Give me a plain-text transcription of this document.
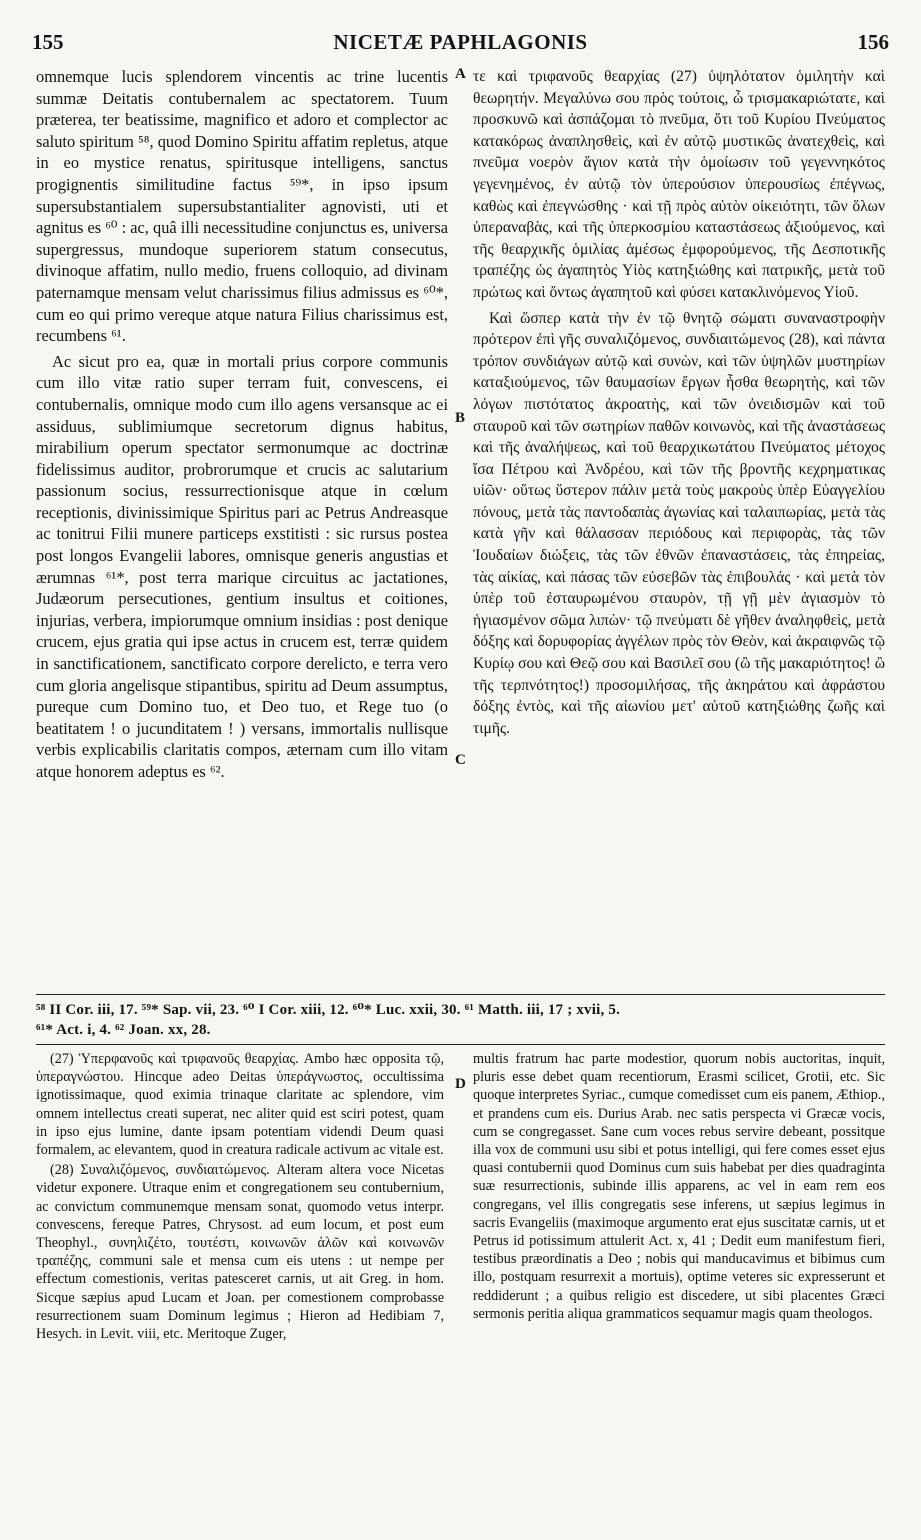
155	NICETÆ PAPHLAGONIS	156

omnemque lucis splendorem vincentis ac trine lucentis summæ Deitatis contubernalem ac spectatorem. Tuum præterea, ter beatissime, magnifico et adoro et complector ac saluto spiritum ⁵⁸, quod Domino Spiritu affatim repletus, atque in eo mystice renatus, spiritusque intelligens, sanctus progignentis similitudine factus ⁵⁹*, in ipso ipsum supersubstantialem supersubstantialiter agnovisti, uti et agnitus es ⁶⁰ : ac, quâ illi necessitudine conjunctus es, universa supergressus, mundoque superiorem statum consecutus, divinoque affatim, nullo medio, fruens colloquio, ad divinam paternamque mensam velut charissimus filius admissus es ⁶⁰*, cum eo qui primo vereque atque natura Filius charissimus est, recumbens ⁶¹.

Ac sicut pro ea, quæ in mortali prius corpore communis cum illo vitæ ratio super terram fuit, convescens, ei contubernalis, omnique modo cum illo agens versansque ac ei assiduus, sublimiumque secretorum dignus habitus, mirabilium operum spectator sermonumque ac doctrinæ fidelissimus auditor, probrorumque et crucis ac salutarium passionum socius, ressurrectionisque atque in cœlum receptionis, divinissimique Spiritus pari ac Petrus Andreasque ac tonitrui Filii munere particeps exstitisti : sic rursus postea post longos Evangelii labores, omnisque generis angustias et ærumnas ⁶¹*, post terra marique circuitus ac jactationes, Judæorum persecutiones, gentium insultus et coitiones, injurias, verbera, impiorumque omnium insidias : post denique crucem, ejus gratia qui ipse actus in crucem est, terræ quidem in sanctificationem, sanctificato corpore derelicto, e terra vero cum gloria angelisque stipantibus, spiritu ad Deum assumptus, pureque cum Domino tuo, et Deo tuo, et Rege tuo (o beatitatem ! o jucunditatem ! ) versans, immortalis nullisque verbis explicabilis claritatis compos, æternam cum illo vitam atque honorem adeptus es ⁶².

τε καὶ τριφανοῦς θεαρχίας (27) ὑψηλότατον ὁμιλητὴν καὶ θεωρητήν. Μεγαλύνω σου πρὸς τούτοις, ὦ τρισμακαριώτατε, καὶ προσκυνῶ καὶ ἀσπάζομαι τὸ πνεῦμα, ὅτι τοῦ Κυρίου Πνεύματος κατακόρως ἀναπλησθεὶς, καὶ ἐν αὐτῷ μυστικῶς ἀνατεχθεὶς, καὶ πνεῦμα νοερὸν ἅγιον κατὰ τὴν ὁμοίωσιν τοῦ γεγεννηκότος γεγενημένος, ἐν αὐτῷ τὸν ὑπερούσιον ὑπερουσίως ἐπέγνως, καθὼς καὶ ἐπεγνώσθης · καὶ τῇ πρὸς αὐτὸν οἰκειότητι, τῶν ὅλων ὑπεραναβὰς, καὶ τῆς ὑπερκοσμίου καταστάσεως ἀξιούμενος, καὶ τῆς θεαρχικῆς ὁμιλίας ἀμέσως ἐμφορούμενος, τῆς Δεσποτικῆς τραπέζης ὡς ἀγαπητὸς Υἱὸς κατηξιώθης καὶ πατρικῆς, μετὰ τοῦ πρώτως καὶ ὄντως ἀγαπητοῦ καὶ φύσει κατακλινόμενος Υἱοῦ.

Καὶ ὥσπερ κατὰ τὴν ἐν τῷ θνητῷ σώματι συναναστροφὴν πρότερον ἐπὶ γῆς συναλιζόμενος, συνδιαιτώμενος (28), καὶ πάντα τρόπον συνδιάγων αὐτῷ καὶ συνὼν, καὶ τῶν ὑψηλῶν μυστηρίων καταξιούμενος, τῶν θαυμασίων ἔργων ἦσθα θεωρητὴς, καὶ τῶν λόγων πιστότατος ἀκροατὴς, καὶ τῶν ὀνειδισμῶν καὶ τοῦ σταυροῦ καὶ τῶν σωτηρίων παθῶν κοινωνὸς, καὶ τῆς ἀναστάσεως καὶ τῆς ἀναλήψεως, καὶ τοῦ θεαρχικωτάτου Πνεύματος μέτοχος ἴσα Πέτρου καὶ Ἀνδρέου, καὶ τῶν τῆς βροντῆς κεχρηματικας υἱῶν· οὕτως ὕστερον πάλιν μετὰ τοὺς μακροὺς ὑπὲρ Εὐαγγελίου πόνους, μετὰ τὰς παντοδαπὰς ἀγωνίας καὶ ταλαιπωρίας, μετὰ τὰς κατὰ γῆν καὶ θάλασσαν περιόδους καὶ περιφορὰς, τὰς τῶν Ἰουδαίων διώξεις, τὰς τῶν ἐθνῶν ἐπαναστάσεις, τὰς ἐπηρείας, τὰς αἰκίας, καὶ πάσας τῶν εὐσεβῶν τὰς ἐπιβουλάς · καὶ μετὰ τὸν ὑπὲρ τοῦ ἐσταυρωμένου σταυρὸν, τῇ γῇ μὲν ἁγιασμὸν τὸ ἡγιασμένον σῶμα λιπὼν· τῷ πνεύματι δὲ γῆθεν ἀναληφθεὶς, μετὰ δόξης καὶ δορυφορίας ἀγγέλων πρὸς τὸν Θεὸν, καὶ ἀκραιφνῶς τῷ Κυρίῳ σου καὶ Θεῷ σου καὶ Βασιλεῖ σου (ὢ τῆς μακαριότητος! ὢ τῆς τερπνότητος!) προσομιλήσας, τῆς ἀκηράτου καὶ ἀφράστου δόξης ἐντὸς, καὶ τῆς αἰωνίου μετ' αὐτοῦ κατηξιώθης ζωῆς καὶ τιμῆς.

A
B
C
D
⁵⁸ II Cor. iii, 17. ⁵⁹* Sap. vii, 23. ⁶⁰ I Cor. xiii, 12. ⁶⁰* Luc. xxii, 30. ⁶¹ Matth. iii, 17 ; xvii, 5.
⁶¹* Act. i, 4. ⁶² Joan. xx, 28.

(27) Ὑπερφανοῦς καὶ τριφανοῦς θεαρχίας. Ambo hæc opposita τῷ, ὑπεραγνώστου. Hincque adeo Deitas ὑπεράγνωστος, occultissima ignotissimaque, quod eximia trinaque claritate ac splendore, vim omnem intellectus creati superat, nec aliter quid est sciri potest, quam in ipso ejus lumine, dante ipsam potentiam videndi Deum quasi formalem, ac elevantem, quod in creatura radicale activum ac vitale est.

(28) Συναλιζόμενος, συνδιαιτώμενος. Alteram altera voce Nicetas videtur exponere. Utraque enim et congregationem seu contubernium, ac convictum communemque mensam sonat, quomodo vetus interpr. convescens, fereque Patres, Chrysost. ad eum locum, et post eum Theophyl., συνηλιζέτο, τουτέστι, κοινωνῶν ἀλῶν καὶ κοινωνῶν τραπέζης, communi sale et mensa cum eis utens : ut nempe per effectum comestionis, veritas patesceret carnis, ut ait Greg. in hom. Sicque sæpius apud Lucam et Joan. per comestionem comprobasse resurrectionem suam Dominum legimus ; Hieron ad Hedibiam 7, Hesych. in Levit. viii, etc. Meritoque Zuger,

multis fratrum hac parte modestior, quorum nobis auctoritas, inquit, pluris esse debet quam recentiorum, Erasmi scilicet, Grotii, etc. Sic quoque interpretes Syriac., cumque comedisset cum eis panem, Æthiop., et prandens cum eis. Durius Arab. nec satis perspecta vi Græcæ vocis, cum se congregasset. Sane cum voces rebus servire debeant, possitque illa vox de communi usu sibi et potus intelligi, qui fere comes esset ejus quasi contubernii quod Dominus cum suis habebat per dies quadraginta suæ resurrectionis, subinde illis apparens, ac vel in eam rem eos congregans, vel illis congregatis sese inferens, ut sæpius legimus in sacris Evangeliis (maximoque argumento erat ejus suscitatæ carnis, ut et Petrus id potissimum attulerit Act. x, 41 ; Dedit eum manifestum fieri, testibus præordinatis a Deo ; nobis qui manducavimus et bibimus cum illo, postquam resurrexit a mortuis), optime veteres sic expresserunt et reddiderunt ; a quibus religio est discedere, ut sibi placentes Græci sermonis peritia aliqua grammaticos sequamur magis quam theologos.
